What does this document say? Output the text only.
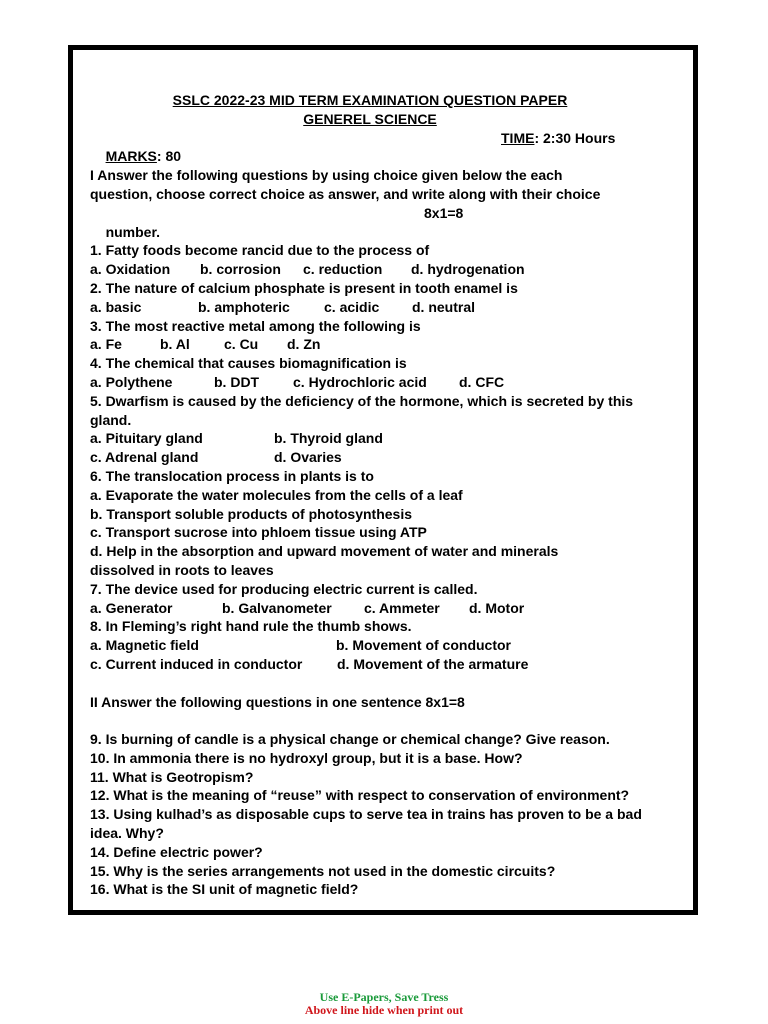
SSLC 2022-23 MID TERM EXAMINATION QUESTION PAPER
GENEREL SCIENCE

MARKS: 80

TIME: 2:30 Hours

I Answer the following questions by using choice given below the each
question, choose correct choice as answer, and write along with their choice

number.

8x1=8

1. Fatty foods become rancid due to the process of

a. Oxidation

b. corrosion

c. reduction

d. hydrogenation

2. The nature of calcium phosphate is present in tooth enamel is

a. basic

	b. amphoteric

c. acidic

d. neutral

3. The most reactive metal among the following is

a. Fe

	b. Al

c. Cu

d. Zn

4. The chemical that causes biomagnification is

a. Polythene

	b. DDT

c. Hydrochloric acid

d. CFC

5. Dwarfism is caused by the deficiency of the hormone, which is secreted by this
gland.

a. Pituitary gland

	b. Thyroid gland

c. Adrenal gland

	d. Ovaries

6. The translocation process in plants is to
a. Evaporate the water molecules from the cells of a leaf
b. Transport soluble products of photosynthesis
c. Transport sucrose into phloem tissue using ATP
d. Help in the absorption and upward movement of water and minerals
dissolved in roots to leaves
7. The device used for producing electric current is called.

a. Generator

	b. Galvanometer

c. Ammeter

d. Motor

8. In Fleming’s right hand rule the thumb shows.

a. Magnetic field

	b. Movement of conductor

c. Current induced in conductor

d. Movement of the armature

II Answer the following questions in one sentence 8x1=8
9. Is burning of candle is a physical change or chemical change? Give reason.
10. In ammonia there is no hydroxyl group, but it is a base. How?
11. What is Geotropism?
12. What is the meaning of “reuse” with respect to conservation of environment?
13. Using kulhad’s as disposable cups to serve tea in trains has proven to be a bad
idea. Why?
14. Define electric power?
15. Why is the series arrangements not used in the domestic circuits?
16. What is the SI unit of magnetic field?
Use E-Papers, Save Tress
Above line hide when print out
